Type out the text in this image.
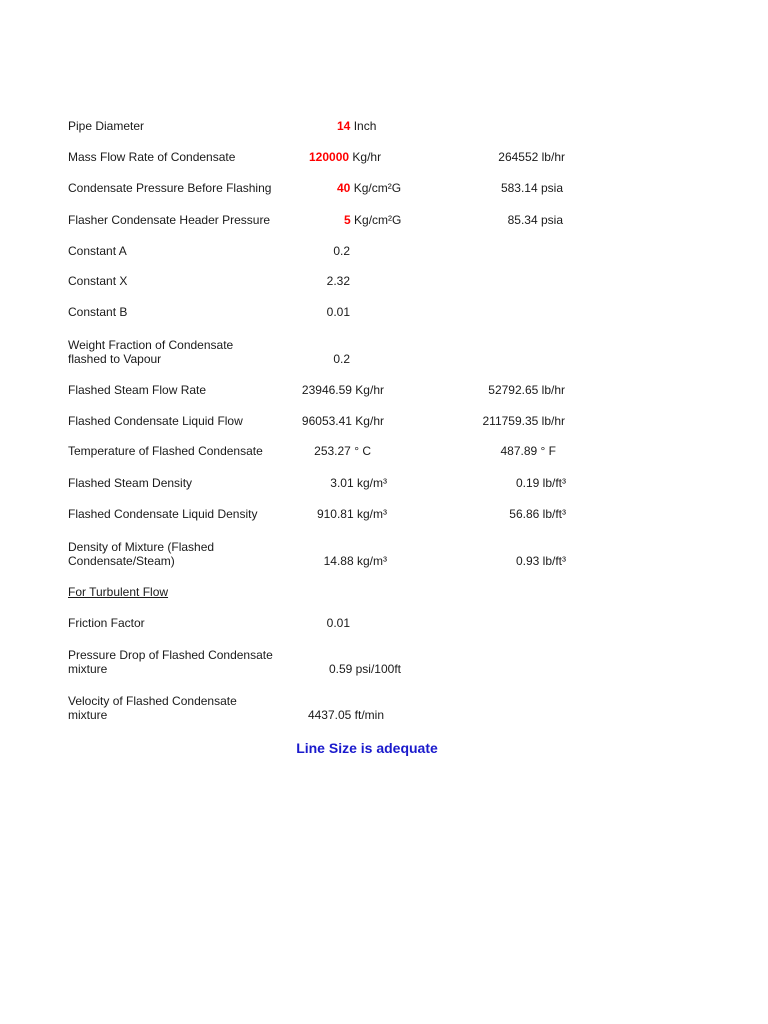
Pipe Diameter	14 Inch
Mass Flow Rate of Condensate	120000 Kg/hr	264552 lb/hr
Condensate Pressure Before Flashing	40 Kg/cm²G	583.14 psia
Flasher Condensate Header Pressure	5 Kg/cm²G	85.34 psia
Constant A	0.2
Constant X	2.32
Constant B	0.01
Weight Fraction of Condensate
flashed to Vapour	0.2
Flashed Steam Flow Rate	23946.59 Kg/hr	52792.65 lb/hr
Flashed Condensate Liquid Flow	96053.41 Kg/hr	211759.35 lb/hr
Temperature of Flashed Condensate	253.27 ° C	487.89 ° F
Flashed Steam Density	3.01 kg/m³	0.19 lb/ft³
Flashed Condensate Liquid Density	910.81 kg/m³	56.86 lb/ft³
Density of Mixture (Flashed
Condensate/Steam)	14.88 kg/m³	0.93 lb/ft³
For Turbulent Flow
Friction Factor	0.01
Pressure Drop of Flashed Condensate
mixture	0.59 psi/100ft
Velocity of Flashed Condensate
mixture	4437.05 ft/min
Line Size is adequate
